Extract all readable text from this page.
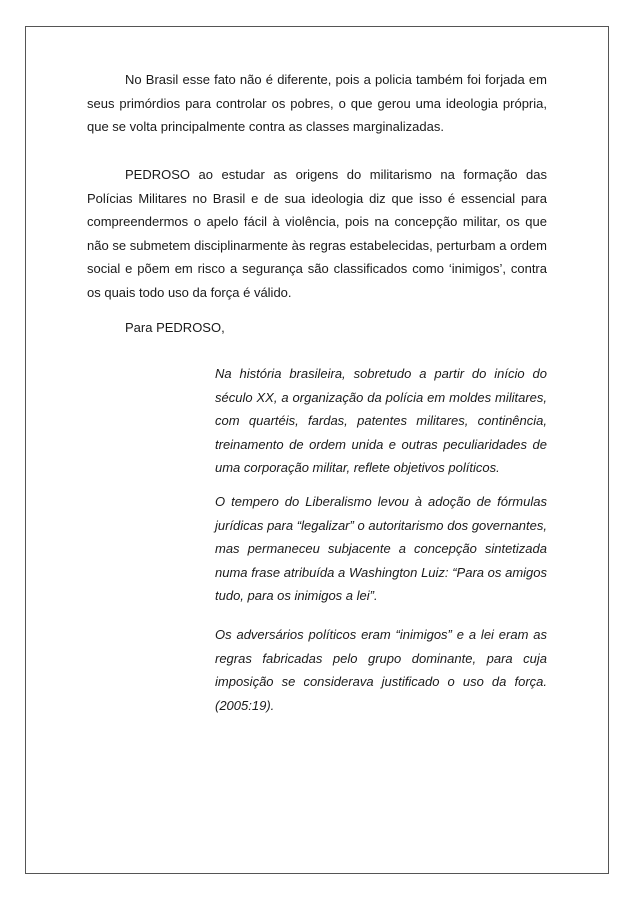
No Brasil esse fato não é diferente, pois a policia também foi forjada em seus primórdios para controlar os pobres, o que gerou uma ideologia própria, que se volta principalmente contra as classes marginalizadas.

PEDROSO ao estudar as origens do militarismo na formação das Polícias Militares no Brasil e de sua ideologia diz que isso é essencial para compreendermos o apelo fácil à violência, pois na concepção militar, os que não se submetem disciplinarmente às regras estabelecidas, perturbam a ordem social e põem em risco a segurança são classificados como ‘inimigos’, contra os quais todo uso da força é válido.

Para PEDROSO,

Na história brasileira, sobretudo a partir do início do século XX, a organização da polícia em moldes militares, com quartéis, fardas, patentes militares, continência, treinamento de ordem unida e outras peculiaridades de uma corporação militar, reflete objetivos políticos.

O tempero do Liberalismo levou à adoção de fórmulas jurídicas para “legalizar” o autoritarismo dos governantes, mas permaneceu subjacente a concepção sintetizada numa frase atribuída a Washington Luiz: “Para os amigos tudo, para os inimigos a lei”.

Os adversários políticos eram “inimigos” e a lei eram as regras fabricadas pelo grupo dominante, para cuja imposição se considerava justificado o uso da força. (2005:19).
